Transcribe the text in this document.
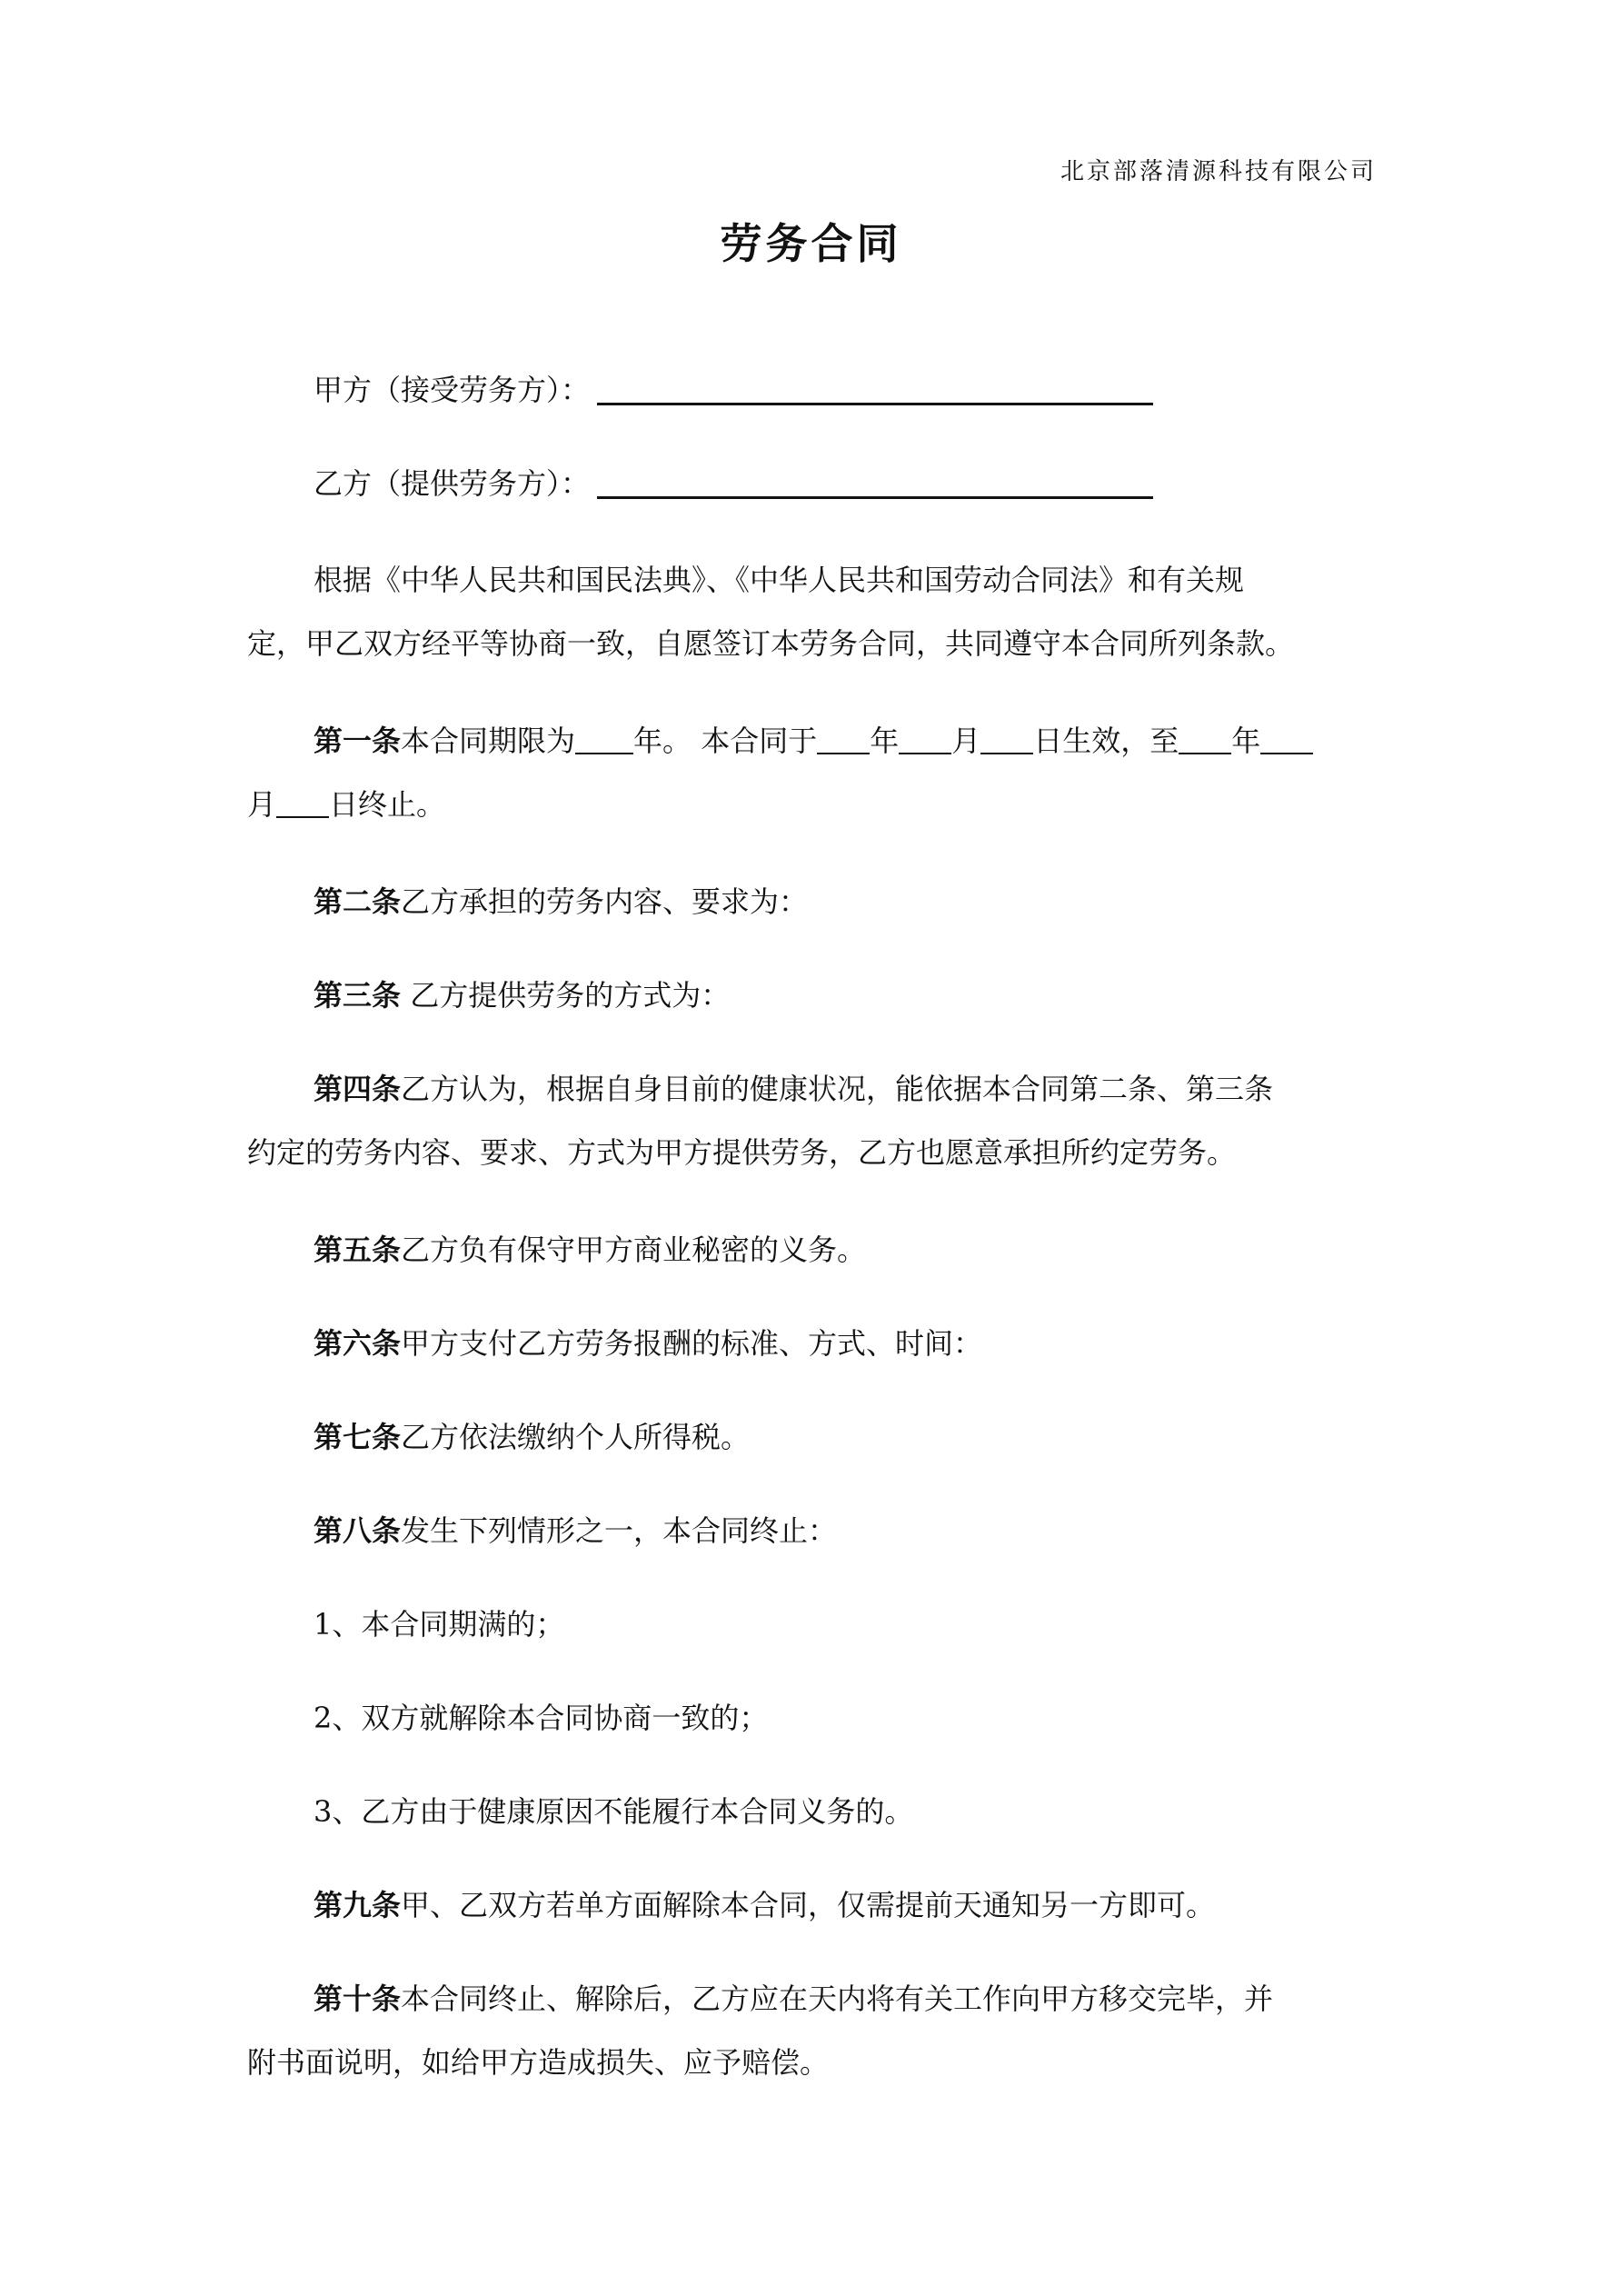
北京部落清源科技有限公司
劳务合同
甲方（接受劳务方）：
乙方（提供劳务方）：
根据《中华人民共和国民法典》、《中华人民共和国劳动合同法》和有关规
定，甲乙双方经平等协商一致，自愿签订本劳务合同，共同遵守本合同所列条款。
第一条本合同期限为 年。 本合同于 年 月 日生效，至 年
月 日终止。
第二条乙方承担的劳务内容、要求为：
第三条 乙方提供劳务的方式为：
第四条乙方认为，根据自身目前的健康状况，能依据本合同第二条、第三条
约定的劳务内容、要求、方式为甲方提供劳务，乙方也愿意承担所约定劳务。
第五条乙方负有保守甲方商业秘密的义务。
第六条甲方支付乙方劳务报酬的标准、方式、时间：
第七条乙方依法缴纳个人所得税。
第八条发生下列情形之一，本合同终止：
1、本合同期满的；
2、双方就解除本合同协商一致的；
3、乙方由于健康原因不能履行本合同义务的。
第九条甲、乙双方若单方面解除本合同，仅需提前天通知另一方即可。
第十条本合同终止、解除后，乙方应在天内将有关工作向甲方移交完毕，并
附书面说明，如给甲方造成损失、应予赔偿。
